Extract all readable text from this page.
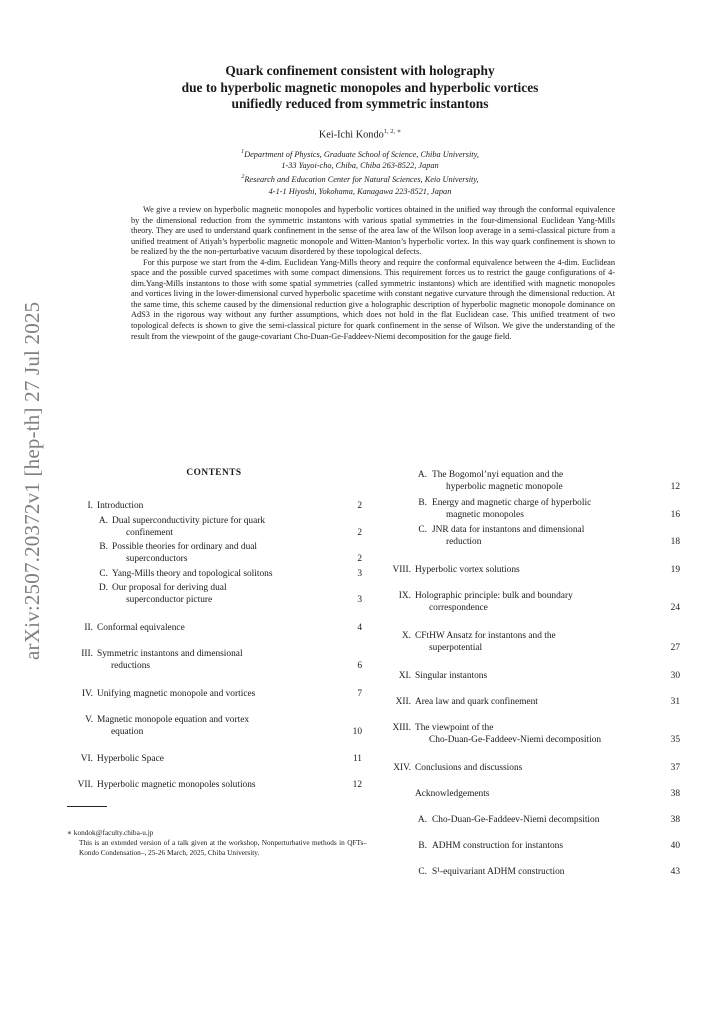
arXiv:2507.20372v1 [hep-th] 27 Jul 2025
Quark confinement consistent with holography
due to hyperbolic magnetic monopoles and hyperbolic vortices
unifiedly reduced from symmetric instantons
Kei-Ichi Kondo$^{1, 2, ∗}$
$^1$Department of Physics, Graduate School of Science, Chiba University,
1-33 Yayoi-cho, Chiba, Chiba 263-8522, Japan
$^2$Research and Education Center for Natural Sciences, Keio University,
4-1-1 Hiyoshi, Yokohama, Kanagawa 223-8521, Japan

We give a review on hyperbolic magnetic monopoles and hyperbolic vortices obtained in the unified way through the conformal equivalence by the dimensional reduction from the symmetric instantons with various spatial symmetries in the four-dimensional Euclidean Yang-Mills theory. They are used to understand quark confinement in the sense of the area law of the Wilson loop average in a semi-classical picture from a unified treatment of Atiyah’s hyperbolic magnetic monopole and Witten-Manton’s hyperbolic vortex. In this way quark confinement is shown to be realized by the the non-perturbative vacuum disordered by these topological defects.

For this purpose we start from the 4-dim. Euclidean Yang-Mills theory and require the conformal equivalence between the 4-dim. Euclidean space and the possible curved spacetimes with some compact dimensions. This requirement forces us to restrict the gauge configurations of 4-dim.Yang-Mills instantons to those with some spatial symmetries (called symmetric instantons) which are identified with magnetic monopoles and vortices living in the lower-dimensional curved hyperbolic spacetime with constant negative curvature through the dimensional reduction. At the same time, this scheme caused by the dimensional reduction give a holographic description of hyperbolic magnetic monopole dominance on AdS3 in the rigorous way without any further assumptions, which does not hold in the flat Euclidean case. This unified treatment of two topological defects is shown to give the semi-classical picture for quark confinement in the sense of Wilson. We give the understanding of the result from the viewpoint of the gauge-covariant Cho-Duan-Ge-Faddeev-Niemi decomposition for the gauge field.

CONTENTS
I. Introduction	2
A. Dual superconductivity picture for quark
confinement	2
B. Possible theories for ordinary and dual
superconductors	2
C. Yang-Mills theory and topological solitons	3
D. Our proposal for deriving dual
superconductor picture	3
II. Conformal equivalence	4
III. Symmetric instantons and dimensional
reductions	6
IV. Unifying magnetic monopole and vortices	7
V. Magnetic monopole equation and vortex
equation	10
VI. Hyperbolic Space	11
VII. Hyperbolic magnetic monopoles solutions	12
A. The Bogomol’nyi equation and the
hyperbolic magnetic monopole	12
B. Energy and magnetic charge of hyperbolic
magnetic monopoles	16
C. JNR data for instantons and dimensional
reduction	18
VIII. Hyperbolic vortex solutions	19
IX. Holographic principle: bulk and boundary
correspondence	24
X. CFtHW Ansatz for instantons and the
superpotential	27
XI. Singular instantons	30
XII. Area law and quark confinement	31
XIII. The viewpoint of the
Cho-Duan-Ge-Faddeev-Niemi decomposition	35
XIV. Conclusions and discussions	37
Acknowledgements	38
A. Cho-Duan-Ge-Faddeev-Niemi decompsition	38
B. ADHM construction for instantons	40
C. S¹-equivariant ADHM construction	43
∗ kondok@faculty.chiba-u.jp
This is an extended version of a talk given at the workshop, Nonperturbative methods in QFTs–Kondo Condensation–, 25-26 March, 2025, Chiba University.
